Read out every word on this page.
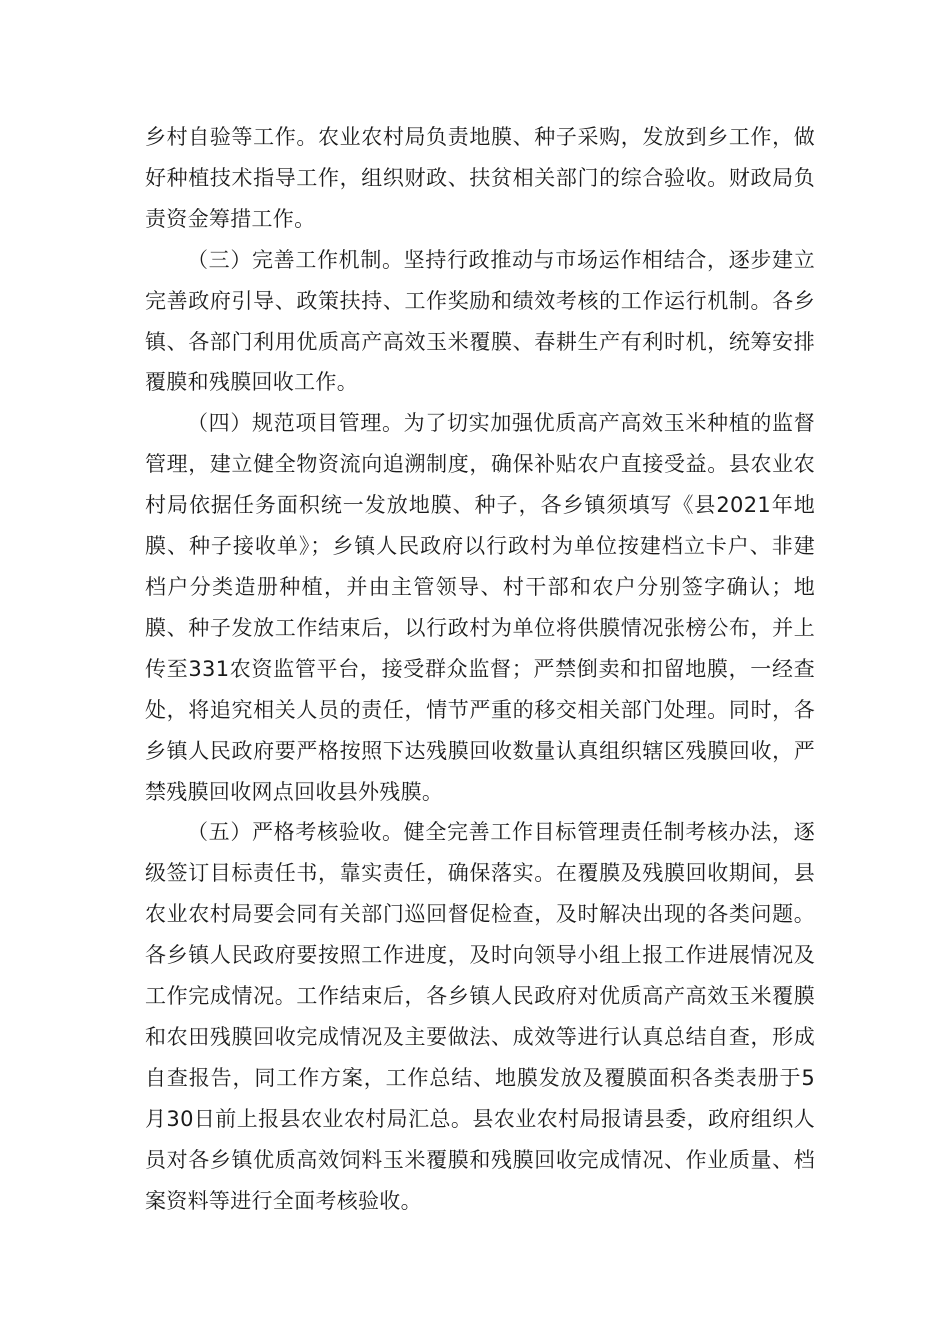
乡村自验等工作。农业农村局负责地膜、种子采购，发放到乡工作，做好种植技术指导工作，组织财政、扶贫相关部门的综合验收。财政局负责资金筹措工作。

（三）完善工作机制。坚持行政推动与市场运作相结合，逐步建立完善政府引导、政策扶持、工作奖励和绩效考核的工作运行机制。各乡镇、各部门利用优质高产高效玉米覆膜、春耕生产有利时机，统筹安排覆膜和残膜回收工作。

（四）规范项目管理。为了切实加强优质高产高效玉米种植的监督管理，建立健全物资流向追溯制度，确保补贴农户直接受益。县农业农村局依据任务面积统一发放地膜、种子，各乡镇须填写《县2021年地膜、种子接收单》；乡镇人民政府以行政村为单位按建档立卡户、非建档户分类造册种植，并由主管领导、村干部和农户分别签字确认；地膜、种子发放工作结束后，以行政村为单位将供膜情况张榜公布，并上传至331农资监管平台，接受群众监督；严禁倒卖和扣留地膜，一经查处，将追究相关人员的责任，情节严重的移交相关部门处理。同时，各乡镇人民政府要严格按照下达残膜回收数量认真组织辖区残膜回收，严禁残膜回收网点回收县外残膜。

（五）严格考核验收。健全完善工作目标管理责任制考核办法，逐级签订目标责任书，靠实责任，确保落实。在覆膜及残膜回收期间，县农业农村局要会同有关部门巡回督促检查，及时解决出现的各类问题。各乡镇人民政府要按照工作进度，及时向领导小组上报工作进展情况及工作完成情况。工作结束后，各乡镇人民政府对优质高产高效玉米覆膜和农田残膜回收完成情况及主要做法、成效等进行认真总结自查，形成自查报告，同工作方案，工作总结、地膜发放及覆膜面积各类表册于5月30日前上报县农业农村局汇总。县农业农村局报请县委，政府组织人员对各乡镇优质高效饲料玉米覆膜和残膜回收完成情况、作业质量、档案资料等进行全面考核验收。
